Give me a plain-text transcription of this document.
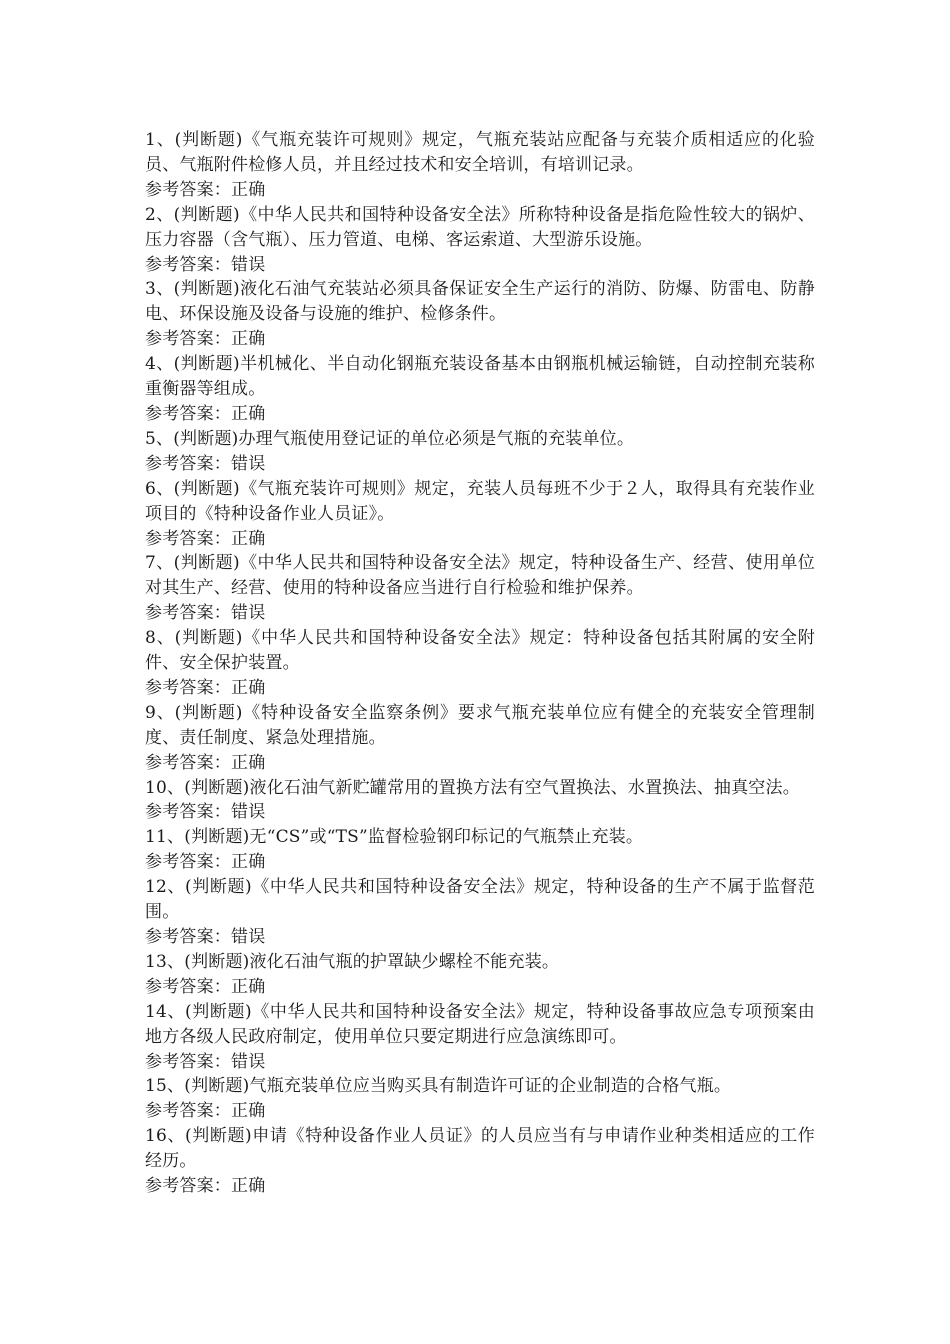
1、(判断题)《气瓶充装许可规则》规定，气瓶充装站应配备与充装介质相适应的化验员、气瓶附件检修人员，并且经过技术和安全培训，有培训记录。

参考答案：正确

2、(判断题)《中华人民共和国特种设备安全法》所称特种设备是指危险性较大的锅炉、压力容器（含气瓶）、压力管道、电梯、客运索道、大型游乐设施。

参考答案：错误

3、(判断题)液化石油气充装站必须具备保证安全生产运行的消防、防爆、防雷电、防静电、环保设施及设备与设施的维护、检修条件。

参考答案：正确

4、(判断题)半机械化、半自动化钢瓶充装设备基本由钢瓶机械运输链，自动控制充装称重衡器等组成。

参考答案：正确

5、(判断题)办理气瓶使用登记证的单位必须是气瓶的充装单位。

参考答案：错误

6、(判断题)《气瓶充装许可规则》规定，充装人员每班不少于２人，取得具有充装作业项目的《特种设备作业人员证》。

参考答案：正确

7、(判断题)《中华人民共和国特种设备安全法》规定，特种设备生产、经营、使用单位对其生产、经营、使用的特种设备应当进行自行检验和维护保养。

参考答案：错误

8、(判断题)《中华人民共和国特种设备安全法》规定：特种设备包括其附属的安全附件、安全保护装置。

参考答案：正确

9、(判断题)《特种设备安全监察条例》要求气瓶充装单位应有健全的充装安全管理制度、责任制度、紧急处理措施。

参考答案：正确

10、(判断题)液化石油气新贮罐常用的置换方法有空气置换法、水置换法、抽真空法。

参考答案：错误

11、(判断题)无“CS”或“TS”监督检验钢印标记的气瓶禁止充装。

参考答案：正确

12、(判断题)《中华人民共和国特种设备安全法》规定，特种设备的生产不属于监督范围。

参考答案：错误

13、(判断题)液化石油气瓶的护罩缺少螺栓不能充装。

参考答案：正确

14、(判断题)《中华人民共和国特种设备安全法》规定，特种设备事故应急专项预案由地方各级人民政府制定，使用单位只要定期进行应急演练即可。

参考答案：错误

15、(判断题)气瓶充装单位应当购买具有制造许可证的企业制造的合格气瓶。

参考答案：正确

16、(判断题)申请《特种设备作业人员证》的人员应当有与申请作业种类相适应的工作经历。

参考答案：正确
